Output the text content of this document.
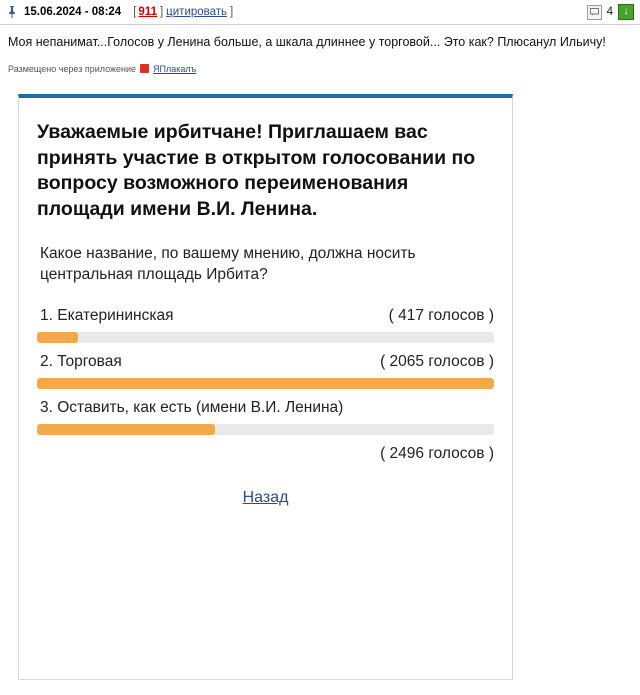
15.06.2024 - 08:24 [ 911 ] цитировать ]	4	↓
Моя непанимат...Голосов у Ленина больше, а шкала длиннее у торговой... Это как? Плюсанул Ильичу!
Размещено через приложение ЯПлакалъ
Уважаемые ирбитчане! Приглашаем вас принять участие в открытом голосовании по вопросу возможного переименования площади имени В.И. Ленина.
Какое название, по вашему мнению, должна носить центральная площадь Ирбита?
1. Екатерининская	( 417 голосов )
2. Торговая	( 2065 голосов )
3. Оставить, как есть (имени В.И. Ленина)
( 2496 голосов )
Назад
